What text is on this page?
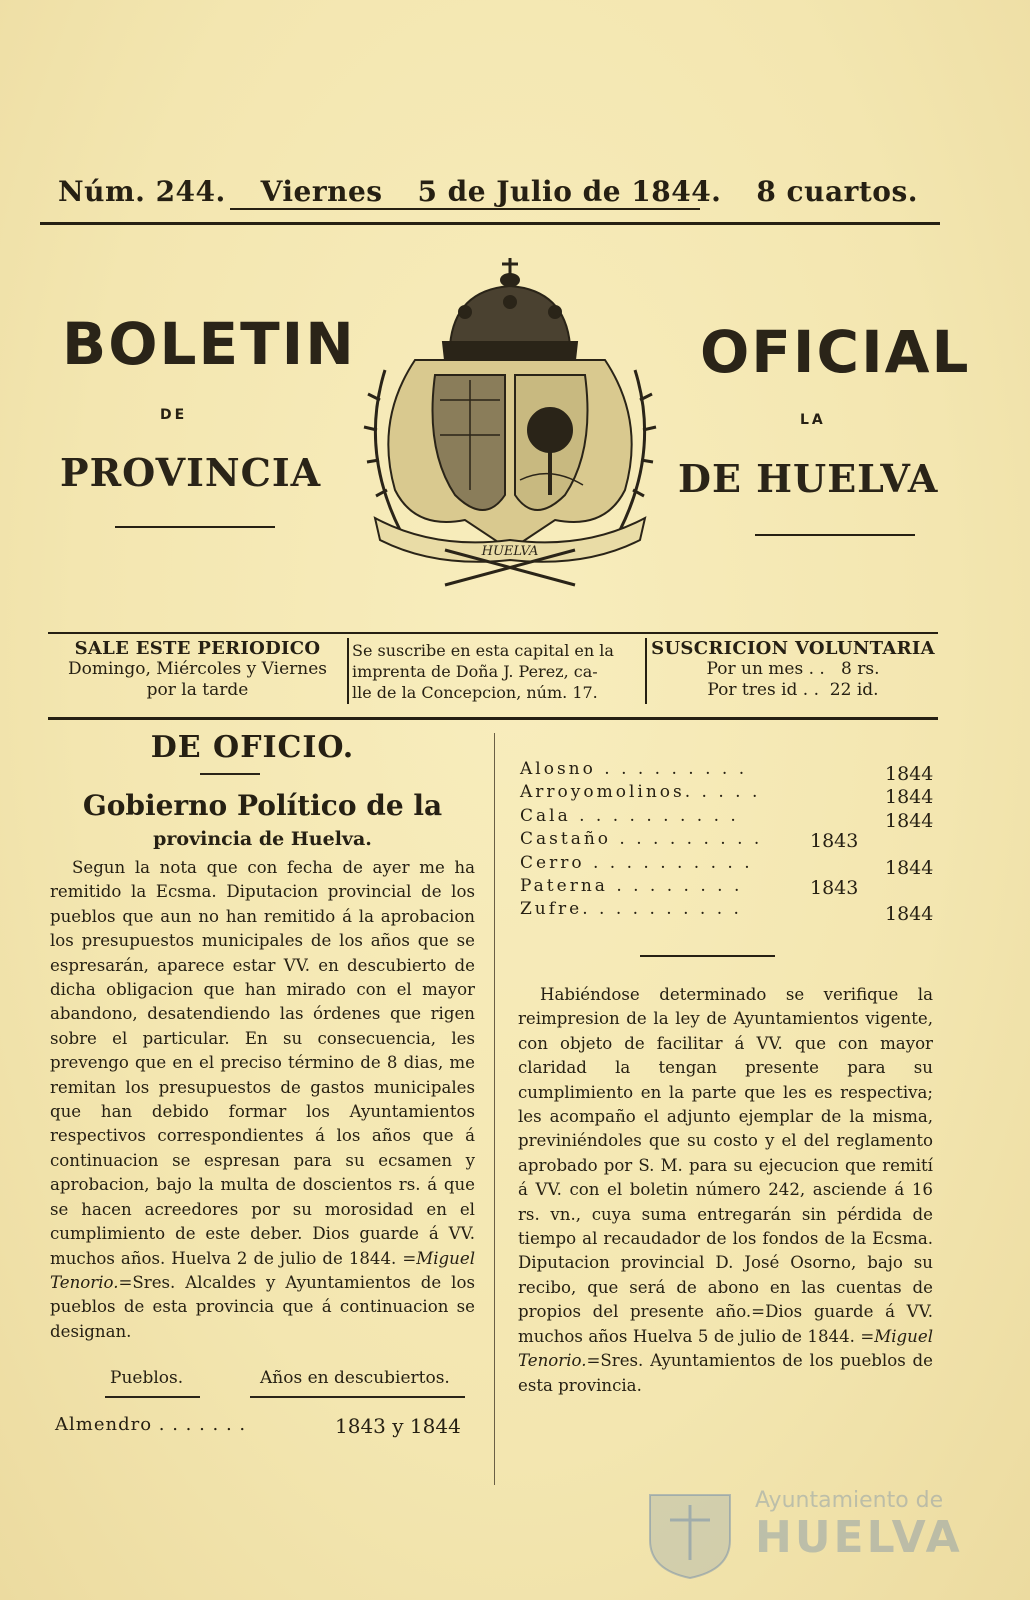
Núm. 244. Viernes 5 de Julio de 1844. 8 cuartos.
BOLETIN	OFICIAL
DE	LA
PROVINCIA	DE HUELVA
HUELVA
SALE ESTE PERIODICO
Domingo, Miércoles y Viernes
por la tarde
Se suscribe en esta capital en la
imprenta de Doña J. Perez, ca-
lle de la Concepcion, núm. 17.
SUSCRICION VOLUNTARIA
Por un mes . .   8 rs.
Por tres id . .  22 id.
DE OFICIO.
Gobierno Político de la
provincia de Huelva.

Segun la nota que con fecha de ayer me ha remitido la Ecsma. Diputacion provincial de los pueblos que aun no han remitido á la aprobacion los presupuestos municipales de los años que se espresarán, aparece estar VV. en descubierto de dicha obligacion que han mirado con el mayor abandono, desatendiendo las órdenes que rigen sobre el particular. En su consecuencia, les prevengo que en el preciso término de 8 dias, me remitan los presupuestos de gastos municipales que han debido formar los Ayuntamientos respectivos correspondientes á los años que á continuacion se espresan para su ecsamen y aprobacion, bajo la multa de doscientos rs. á que se hacen acreedores por su morosidad en el cumplimiento de este deber. Dios guarde á VV. muchos años. Huelva 2 de julio de 1844. =Miguel Tenorio.=Sres. Alcaldes y Ayuntamientos de los pueblos de esta provincia que á continuacion se designan.

Pueblos.	Años en descubiertos.
Almendro . . . . . . .	1843 y 1844
Alosno . . . . . . . . .	1844
Arroyomolinos. . . . .	1844
Cala . . . . . . . . . .	1844
Castaño . . . . . . . . .	1843
Cerro . . . . . . . . . .	1844
Paterna . . . . . . . .	1843
Zufre. . . . . . . . . .	1844

Habiéndose determinado se verifique la reimpresion de la ley de Ayuntamientos vigente, con objeto de facilitar á VV. que con mayor claridad la tengan presente para su cumplimiento en la parte que les es respectiva; les acompaño el adjunto ejemplar de la misma, previniéndoles que su costo y el del reglamento aprobado por S. M. para su ejecucion que remití á VV. con el boletin número 242, asciende á 16 rs. vn., cuya suma entregarán sin pérdida de tiempo al recaudador de los fondos de la Ecsma. Diputacion provincial D. José Osorno, bajo su recibo, que será de abono en las cuentas de propios del presente año.=Dios guarde á VV. muchos años Huelva 5 de julio de 1844. =Miguel Tenorio.=Sres. Ayuntamientos de los pueblos de esta provincia.

Ayuntamiento de
HUELVA
